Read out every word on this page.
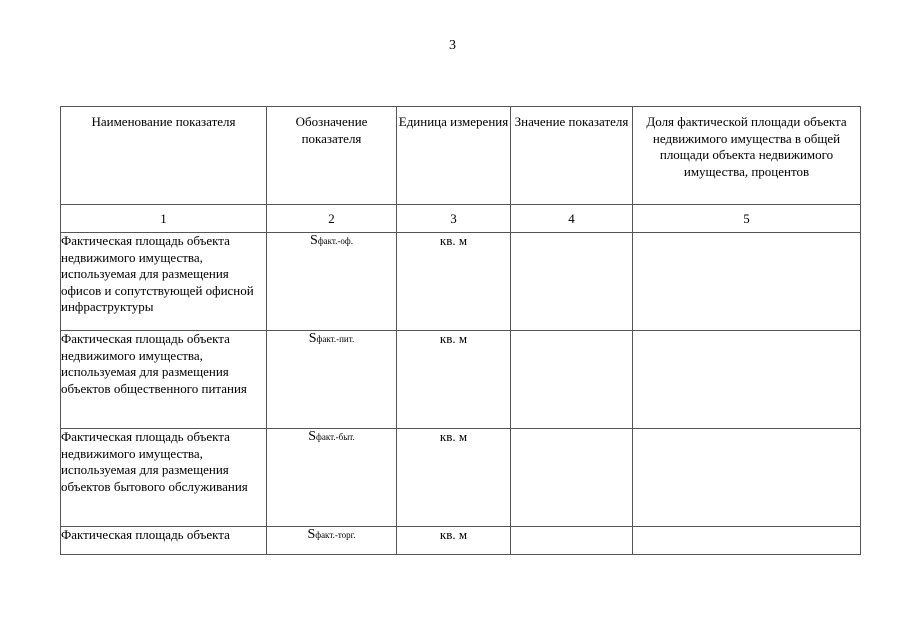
3
Наименование показателя	Обозначение показателя	Единица измерения	Значение показателя	Доля фактической площади объекта недвижимого имущества в общей площади объекта недвижимого имущества, процентов
1	2	3	4	5
Фактическая площадь объекта недвижимого имущества, используемая для размещения офисов и сопутствующей офисной инфраструктуры	Sфакт.-оф.	кв. м		
Фактическая площадь объекта недвижимого имущества, используемая для размещения объектов общественного питания	Sфакт.-пит.	кв. м		
Фактическая площадь объекта недвижимого имущества, используемая для размещения объектов бытового обслуживания	Sфакт.-быт.	кв. м		
Фактическая площадь объекта	Sфакт.-торг.	кв. м		
